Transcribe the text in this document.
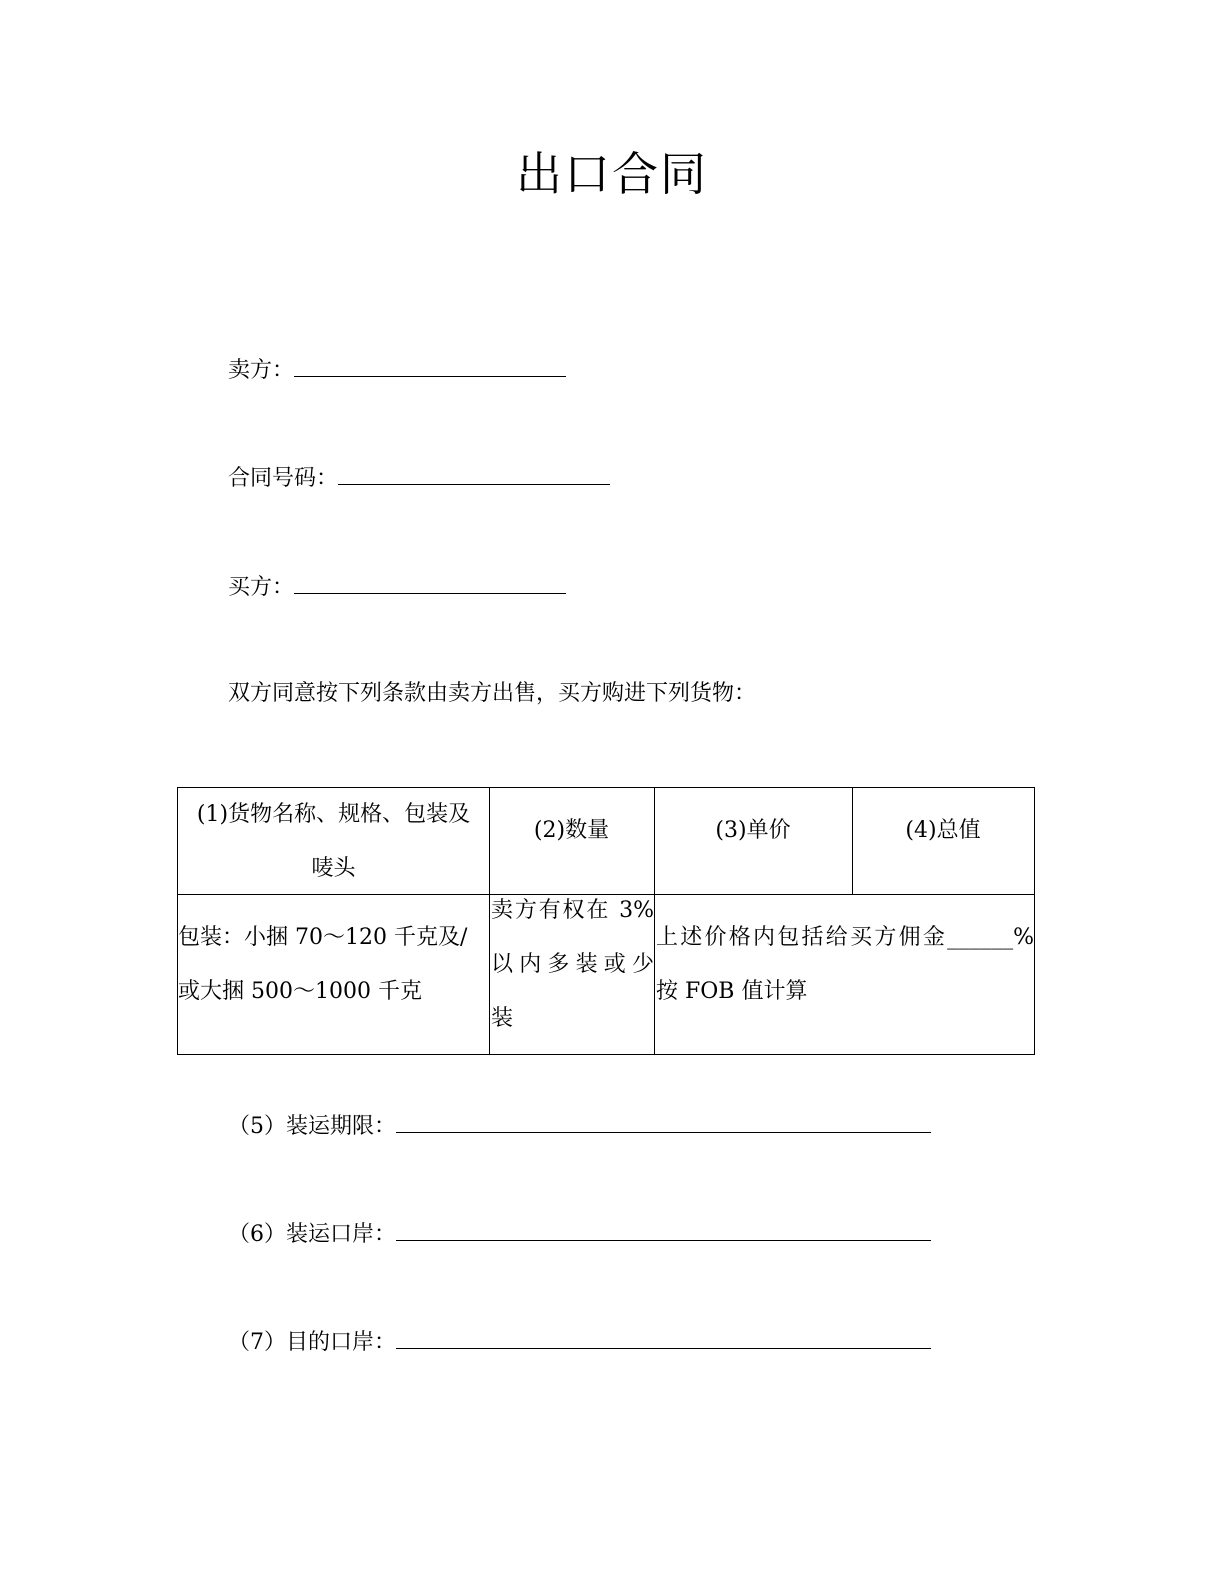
出口合同
卖方：
合同号码：
买方：
双方同意按下列条款由卖方出售，买方购进下列货物：
(1)货物名称、规格、包装及
唛头
(2)数量	(3)单价	(4)总值
包装：小捆 70～120 千克及/
或大捆 500～1000 千克
卖方有权在 3%
以内多装或少
装
上述价格内包括给买方佣金______%
按 FOB 值计算
（5）装运期限：
（6）装运口岸：
（7）目的口岸：
